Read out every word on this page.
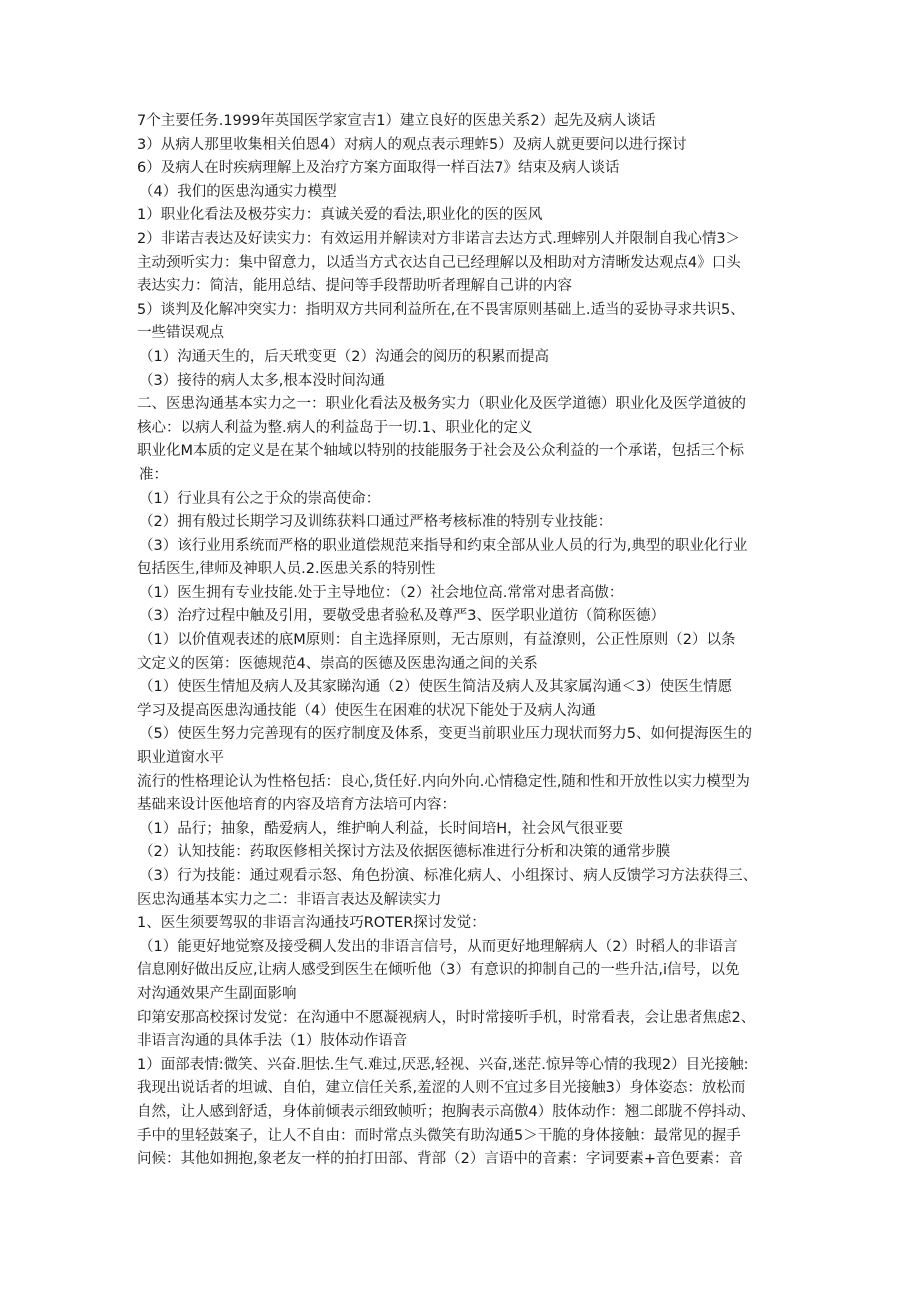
7个主要任务.1999年英国医学家宣吉1）建立良好的医患关系2）起先及病人谈话
3）从病人那里收集相关伯恩4）对病人的观点表示理蚱5）及病人就更要问以进行探讨
6）及病人在时疾病理解上及治疗方案方面取得一样百法7》结束及病人谈话
（4）我们的医患沟通实力模型
1）职业化看法及极芬实力：真诚关爱的看法,职业化的医的医风
2）非诺吉表达及好读实力：有效运用并解读对方非诺言去达方式.理蟀别人并限制自我心情3＞
主动颈听实力：集中留意力，以适当方式衣达自己已经理解以及相助对方清晰发达观点4》口头
表达实力：简洁，能用总结、提问等手段帮助听者理解自己讲的内容
5）谈判及化解冲突实力：指明双方共同利益所在,在不畏害原则基础上.适当的妥协寻求共识5、
一些错误观点
（1）沟通天生的，后天玳变更（2）沟通会的阅历的积累而提高
（3）接待的病人太多,根本没时间沟通
二、医患沟通基本实力之一：职业化看法及极务实力（职业化及医学道德）职业化及医学道彼的
核心：以病人利益为整.病人的利益岛于一切.1、职业化的定义
职业化M本质的定义是在某个轴域以特别的技能服务于社会及公众利益的一个承诺，包括三个标
准：
（1）行业具有公之于众的崇高使命：
（2）拥有般过长期学习及训练获料口通过严格考核标准的特别专业技能：
（3）该行业用系统而严格的职业道偿规范来指导和约束全部从业人员的行为,典型的职业化行业
包括医生,律师及神职人员.2.医患关系的特别性
（1）医生拥有专业技能.处于主导地位：（2）社会地位高.常常对患者高傲：
（3）治疗过程中触及引用，要敬受患者验私及尊严3、医学职业道彷（简称医德）
（1）以价值观表述的底M原则：自主选择原则，无古原则，有益潦则，公正性原则（2）以条
文定义的医第：医德规范4、崇高的医德及医患沟通之间的关系
（1）使医生情旭及病人及其家睇沟通（2）使医生简洁及病人及其家属沟通＜3）使医生情愿
学习及提高医患沟通技能（4）使医生在困难的状况下能处于及病人沟通
（5）使医生努力完善现有的医疗制度及体系，变更当前职业压力现状而努力5、如何提海医生的
职业道窗水平
流行的性格理论认为性格包括：良心,货任好.内向外向.心情稳定性,随和性和开放性以实力模型为
基础来设计医他培育的内容及培育方法培可内容：
（1）品行；抽象，酷爱病人，维护晌人利益，长时间培H，社会风气很亚要
（2）认知技能：药取医修相关探讨方法及依据医德标准进行分析和决策的通常步膜
（3）行为技能：通过观看示怒、角色扮演、标准化病人、小组探讨、病人反馈学习方法获得三、
医忠沟通基本实力之二：非语言表达及解读实力
1、医生须要驾驭的非语言沟通技巧ROTER探讨发觉：
（1）能更好地觉察及接受稠人发出的非语言信号，从而更好地理解病人（2）时稻人的非语言
信息刚好做出反应,让病人感受到医生在倾听他（3）有意识的抑制自己的一些升沽,i信号，以免
对沟通效果产生副面影响
印第安那高校探讨发觉：在沟通中不愿凝视病人，时时常接听手机，时常看表，会让患者焦虑2、
非语言沟通的具体手法（1）肢体动作语音
1）面部表情:微笑、兴奋.胆怯.生气.难过,厌恶,轻视、兴奋,迷茫.惊异等心情的我现2）目光接触:
我现出说话者的坦诚、自伯，建立信任关系,羞涩的人则不宜过多目光接触3）身体姿态：放松而
自然，让人感到舒适，身体前倾表示细致帧听；抱胸表示高傲4）肢体动作：翘二郎胧不停抖动、
手中的里轻鼓案子，让人不自由：而时常点头微笑有助沟通5＞干脆的身体接触：最常见的握手
问候：其他如拥抱,象老友一样的拍打田部、背部（2）言语中的音素：字词要素+音色要素：音
